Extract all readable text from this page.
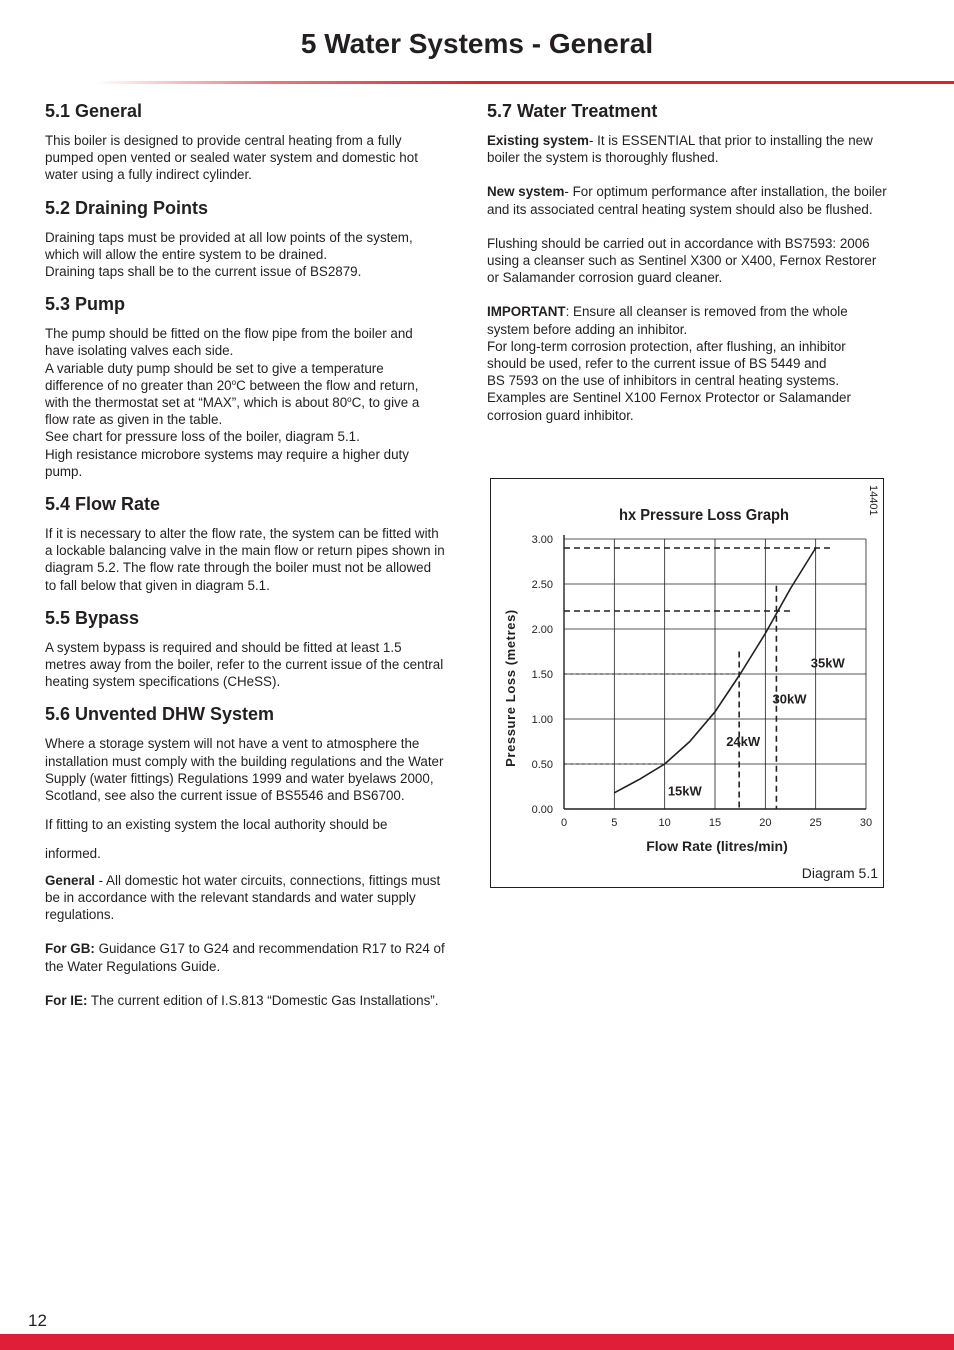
5 Water Systems - General
5.1 General

This boiler is designed to provide central heating from a fully pumped open vented or sealed water system and domestic hot water using a fully indirect cylinder.

5.2 Draining Points

Draining taps must be provided at all low points of the system, which will allow the entire system to be drained.

Draining taps shall be to the current issue of BS2879.

5.3 Pump

The pump should be fitted on the flow pipe from the boiler and have isolating valves each side.

A variable duty pump should be set to give a temperature difference of no greater than 20$^o$C between the flow and return, with the thermostat set at “MAX”, which is about 80$^o$C, to give a flow rate as given in the table.

See chart for pressure loss of the boiler, diagram 5.1.

High resistance microbore systems may require a higher duty pump.

5.4 Flow Rate

If it is necessary to alter the flow rate, the system can be fitted with a lockable balancing valve in the main flow or return pipes shown in diagram 5.2. The flow rate through the boiler must not be allowed to fall below that given in diagram 5.1.

5.5 Bypass

A system bypass is required and should be fitted at least 1.5 metres away from the boiler, refer to the current issue of the central heating system specifications (CHeSS).

5.6 Unvented DHW System

Where a storage system will not have a vent to atmosphere the installation must comply with the building regulations and the Water Supply (water fittings) Regulations 1999 and water byelaws 2000, Scotland, see also the current issue of BS5546 and BS6700.

If fitting to an existing system the local authority should be

informed.

General - All domestic hot water circuits, connections, fittings must be in accordance with the relevant standards and water supply regulations.

For GB: Guidance G17 to G24 and recommendation R17 to R24 of the Water Regulations Guide.

For IE: The current edition of I.S.813 “Domestic Gas Installations”.

5.7 Water Treatment

Existing system- It is ESSENTIAL that prior to installing the new boiler the system is thoroughly flushed.

New system- For optimum performance after installation, the boiler and its associated central heating system should also be flushed.

Flushing should be carried out in accordance with BS7593: 2006 using a cleanser such as Sentinel X300 or X400, Fernox Restorer or Salamander corrosion guard cleaner.

IMPORTANT: Ensure all cleanser is removed from the whole system before adding an inhibitor.

For long-term corrosion protection, after flushing, an inhibitor should be used, refer to the current issue of BS 5449 and

BS 7593 on the use of inhibitors in central heating systems.

Examples are Sentinel X100 Fernox Protector or Salamander corrosion guard inhibitor.

hx Pressure Loss Graph	14401
0	5	10	15	20	25	30
0.00
0.50
1.00
1.50
2.00
2.50
3.00
Flow Rate (litres/min)
Pressure Loss (metres)
15kW
24kW
30kW
35kW
Diagram 5.1
12
